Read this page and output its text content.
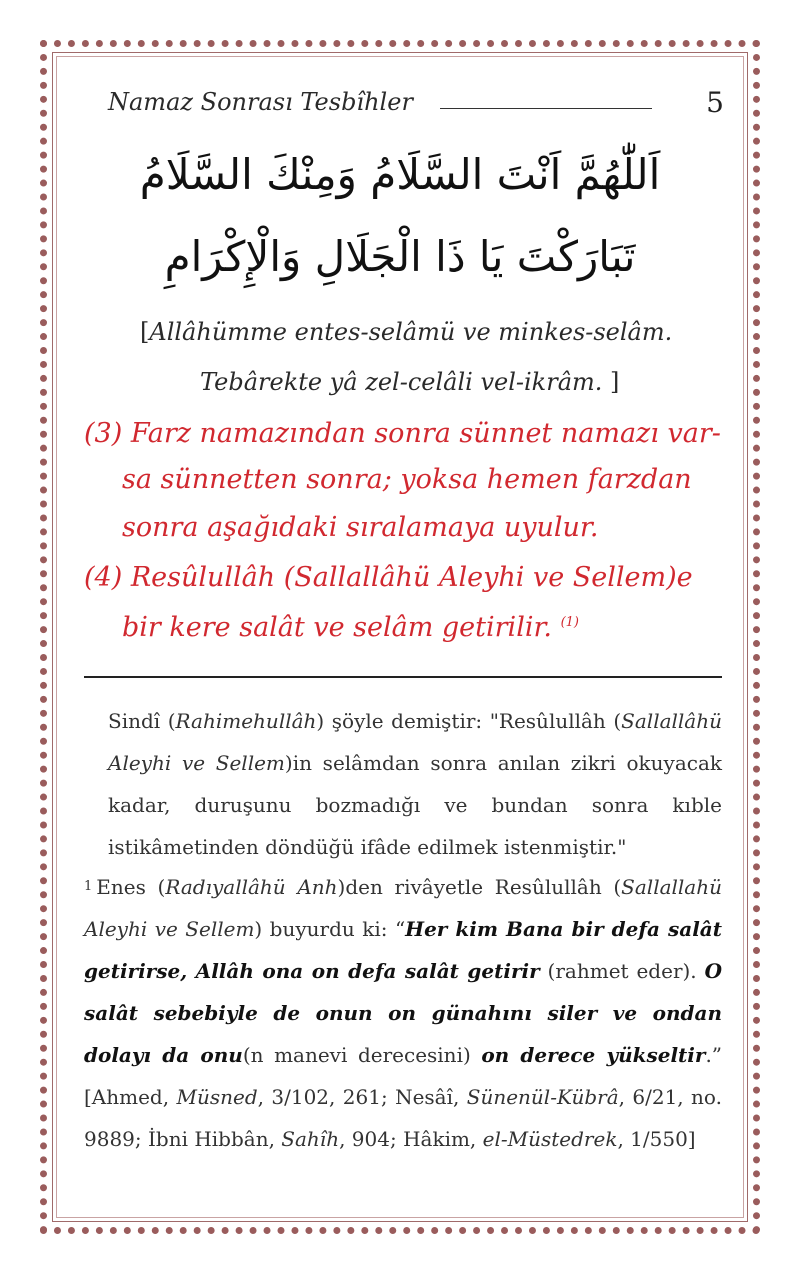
Namaz Sonrası Tesbîhler	5
اَللّٰهُمَّ اَنْتَ السَّلَامُ وَمِنْكَ السَّلَامُ
تَبَارَكْتَ يَا ذَا الْجَلَالِ وَالْإِكْرَامِ
[Allâhümme entes-selâmü ve minkes-selâm.
Tebârekte yâ zel-celâli vel-ikrâm. ]
(3) Farz namazından sonra sünnet namazı var-
sa sünnetten sonra; yoksa hemen farzdan
sonra aşağıdaki sıralamaya uyulur.
(4) Resûlullâh (Sallallâhü Aleyhi ve Sellem)e
bir kere salât ve selâm getirilir. $^{(1)}$
Sindî (Rahimehullâh) şöyle demiştir: "Resûlullâh (Sallallâhü Aleyhi ve Sellem)in selâmdan sonra anılan zikri okuyacak kadar, duruşunu bozmadığı ve bundan sonra kıble istikâmetinden döndüğü ifâde edilmek istenmiştir."
$^1$ Enes (Radıyallâhü Anh)den rivâyetle Resûlullâh (Sallallahü Aleyhi ve Sellem) buyurdu ki: “Her kim Bana bir defa salât getirirse, Allâh ona on defa salât getirir (rahmet eder). O salât sebebiyle de onun on günahını siler ve ondan dolayı da onu(n manevi derecesini) on derece yükseltir.” [Ahmed, Müsned, 3/102, 261; Nesâî, Sünenül-Kübrâ, 6/21, no. 9889; İbni Hibbân, Sahîh, 904; Hâkim, el-Müstedrek, 1/550]
